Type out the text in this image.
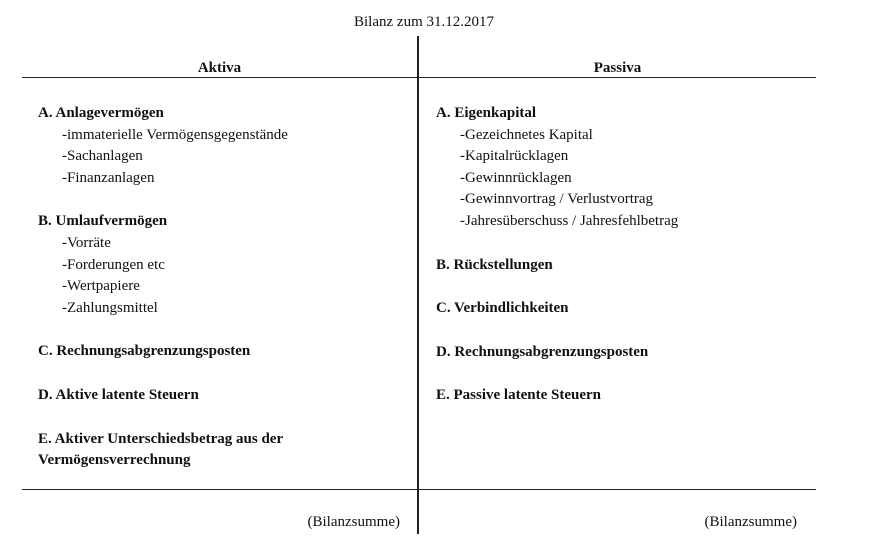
Bilanz zum 31.12.2017
Aktiva	Passiva
A. Anlagevermögen
-immaterielle Vermögensgegenstände
-Sachanlagen
-Finanzanlagen
B. Umlaufvermögen
-Vorräte
-Forderungen etc
-Wertpapiere
-Zahlungsmittel
C. Rechnungsabgrenzungsposten
D. Aktive latente Steuern
E. Aktiver Unterschiedsbetrag aus der Vermögensverrechnung
A. Eigenkapital
-Gezeichnetes Kapital
-Kapitalrücklagen
-Gewinnrücklagen
-Gewinnvortrag / Verlustvortrag
-Jahresüberschuss / Jahresfehlbetrag
B. Rückstellungen
C. Verbindlichkeiten
D. Rechnungsabgrenzungsposten
E. Passive latente Steuern
(Bilanzsumme)	(Bilanzsumme)
